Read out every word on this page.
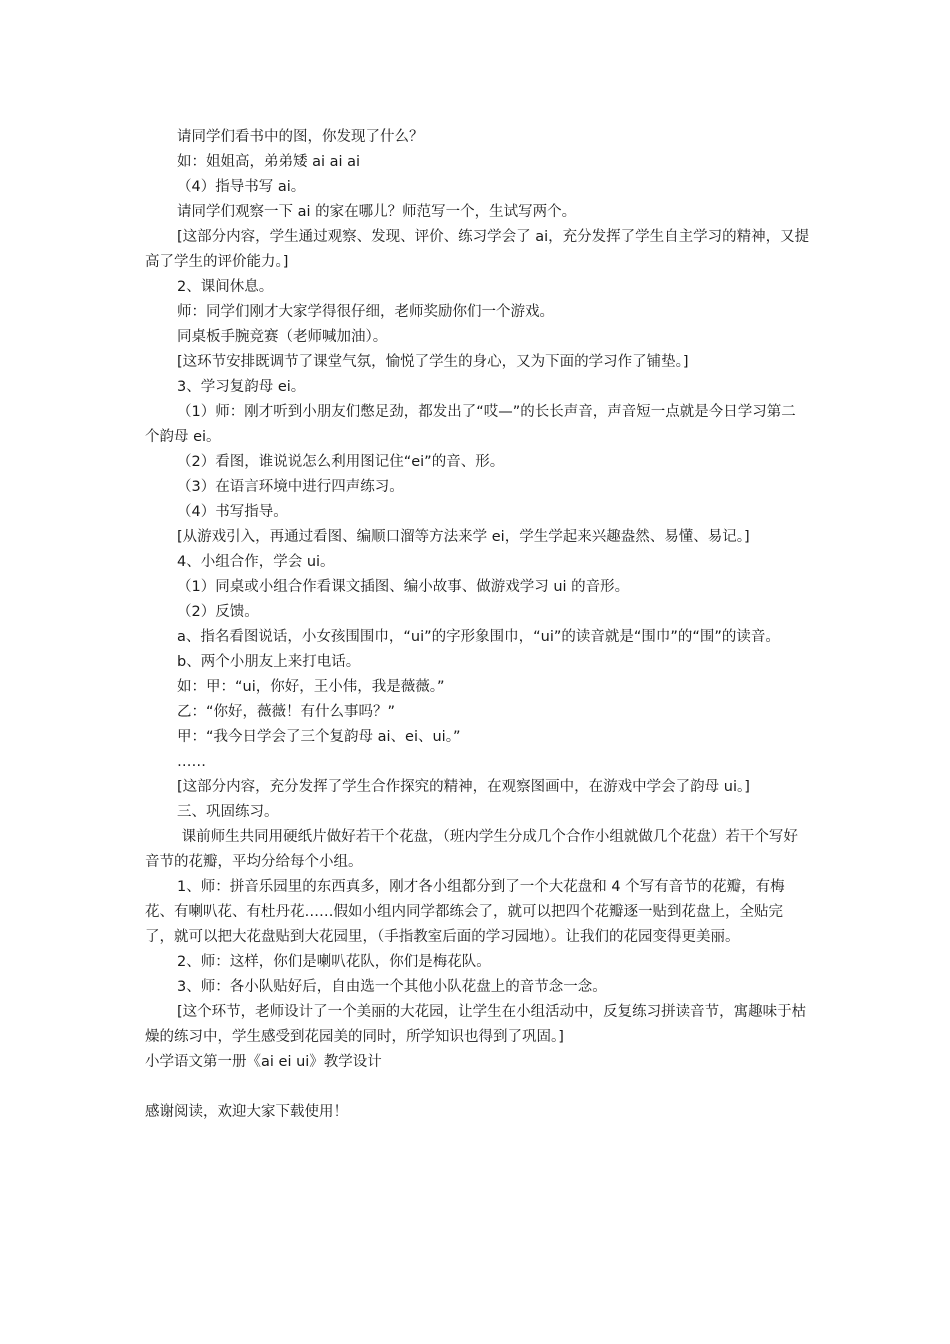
请同学们看书中的图，你发现了什么？

如：姐姐高，弟弟矮 ai ai ai

（4）指导书写 ai。

请同学们观察一下 ai 的家在哪儿？师范写一个，生试写两个。

[这部分内容，学生通过观察、发现、评价、练习学会了 ai，充分发挥了学生自主学习的精神，又提高了学生的评价能力。]

2、课间休息。

师：同学们刚才大家学得很仔细，老师奖励你们一个游戏。

同桌板手腕竞赛（老师喊加油）。

[这环节安排既调节了课堂气氛，愉悦了学生的身心，又为下面的学习作了铺垫。]

3、学习复韵母 ei。

（1）师：刚才听到小朋友们憋足劲，都发出了“哎—”的长长声音，声音短一点就是今日学习第二个韵母 ei。

（2）看图，谁说说怎么利用图记住“ei”的音、形。

（3）在语言环境中进行四声练习。

（4）书写指导。

[从游戏引入，再通过看图、编顺口溜等方法来学 ei，学生学起来兴趣盎然、易懂、易记。]

4、小组合作，学会 ui。

（1）同桌或小组合作看课文插图、编小故事、做游戏学习 ui 的音形。

（2）反馈。

a、指名看图说话，小女孩围围巾，“ui”的字形象围巾，“ui”的读音就是“围巾”的“围”的读音。

b、两个小朋友上来打电话。

如：甲：“ui，你好，王小伟，我是薇薇。”

乙：“你好，薇薇！有什么事吗？”

甲：“我今日学会了三个复韵母 ai、ei、ui。”

……

[这部分内容，充分发挥了学生合作探究的精神，在观察图画中，在游戏中学会了韵母 ui。]

三、巩固练习。

课前师生共同用硬纸片做好若干个花盘，（班内学生分成几个合作小组就做几个花盘）若干个写好音节的花瓣，平均分给每个小组。

1、师：拼音乐园里的东西真多，刚才各小组都分到了一个大花盘和 4 个写有音节的花瓣，有梅花、有喇叭花、有杜丹花……假如小组内同学都练会了，就可以把四个花瓣逐一贴到花盘上，全贴完了，就可以把大花盘贴到大花园里，（手指教室后面的学习园地）。让我们的花园变得更美丽。

2、师：这样，你们是喇叭花队，你们是梅花队。

3、师：各小队贴好后，自由选一个其他小队花盘上的音节念一念。

[这个环节，老师设计了一个美丽的大花园，让学生在小组活动中，反复练习拼读音节，寓趣味于枯燥的练习中，学生感受到花园美的同时，所学知识也得到了巩固。]

小学语文第一册《ai ei ui》教学设计

感谢阅读，欢迎大家下载使用！
